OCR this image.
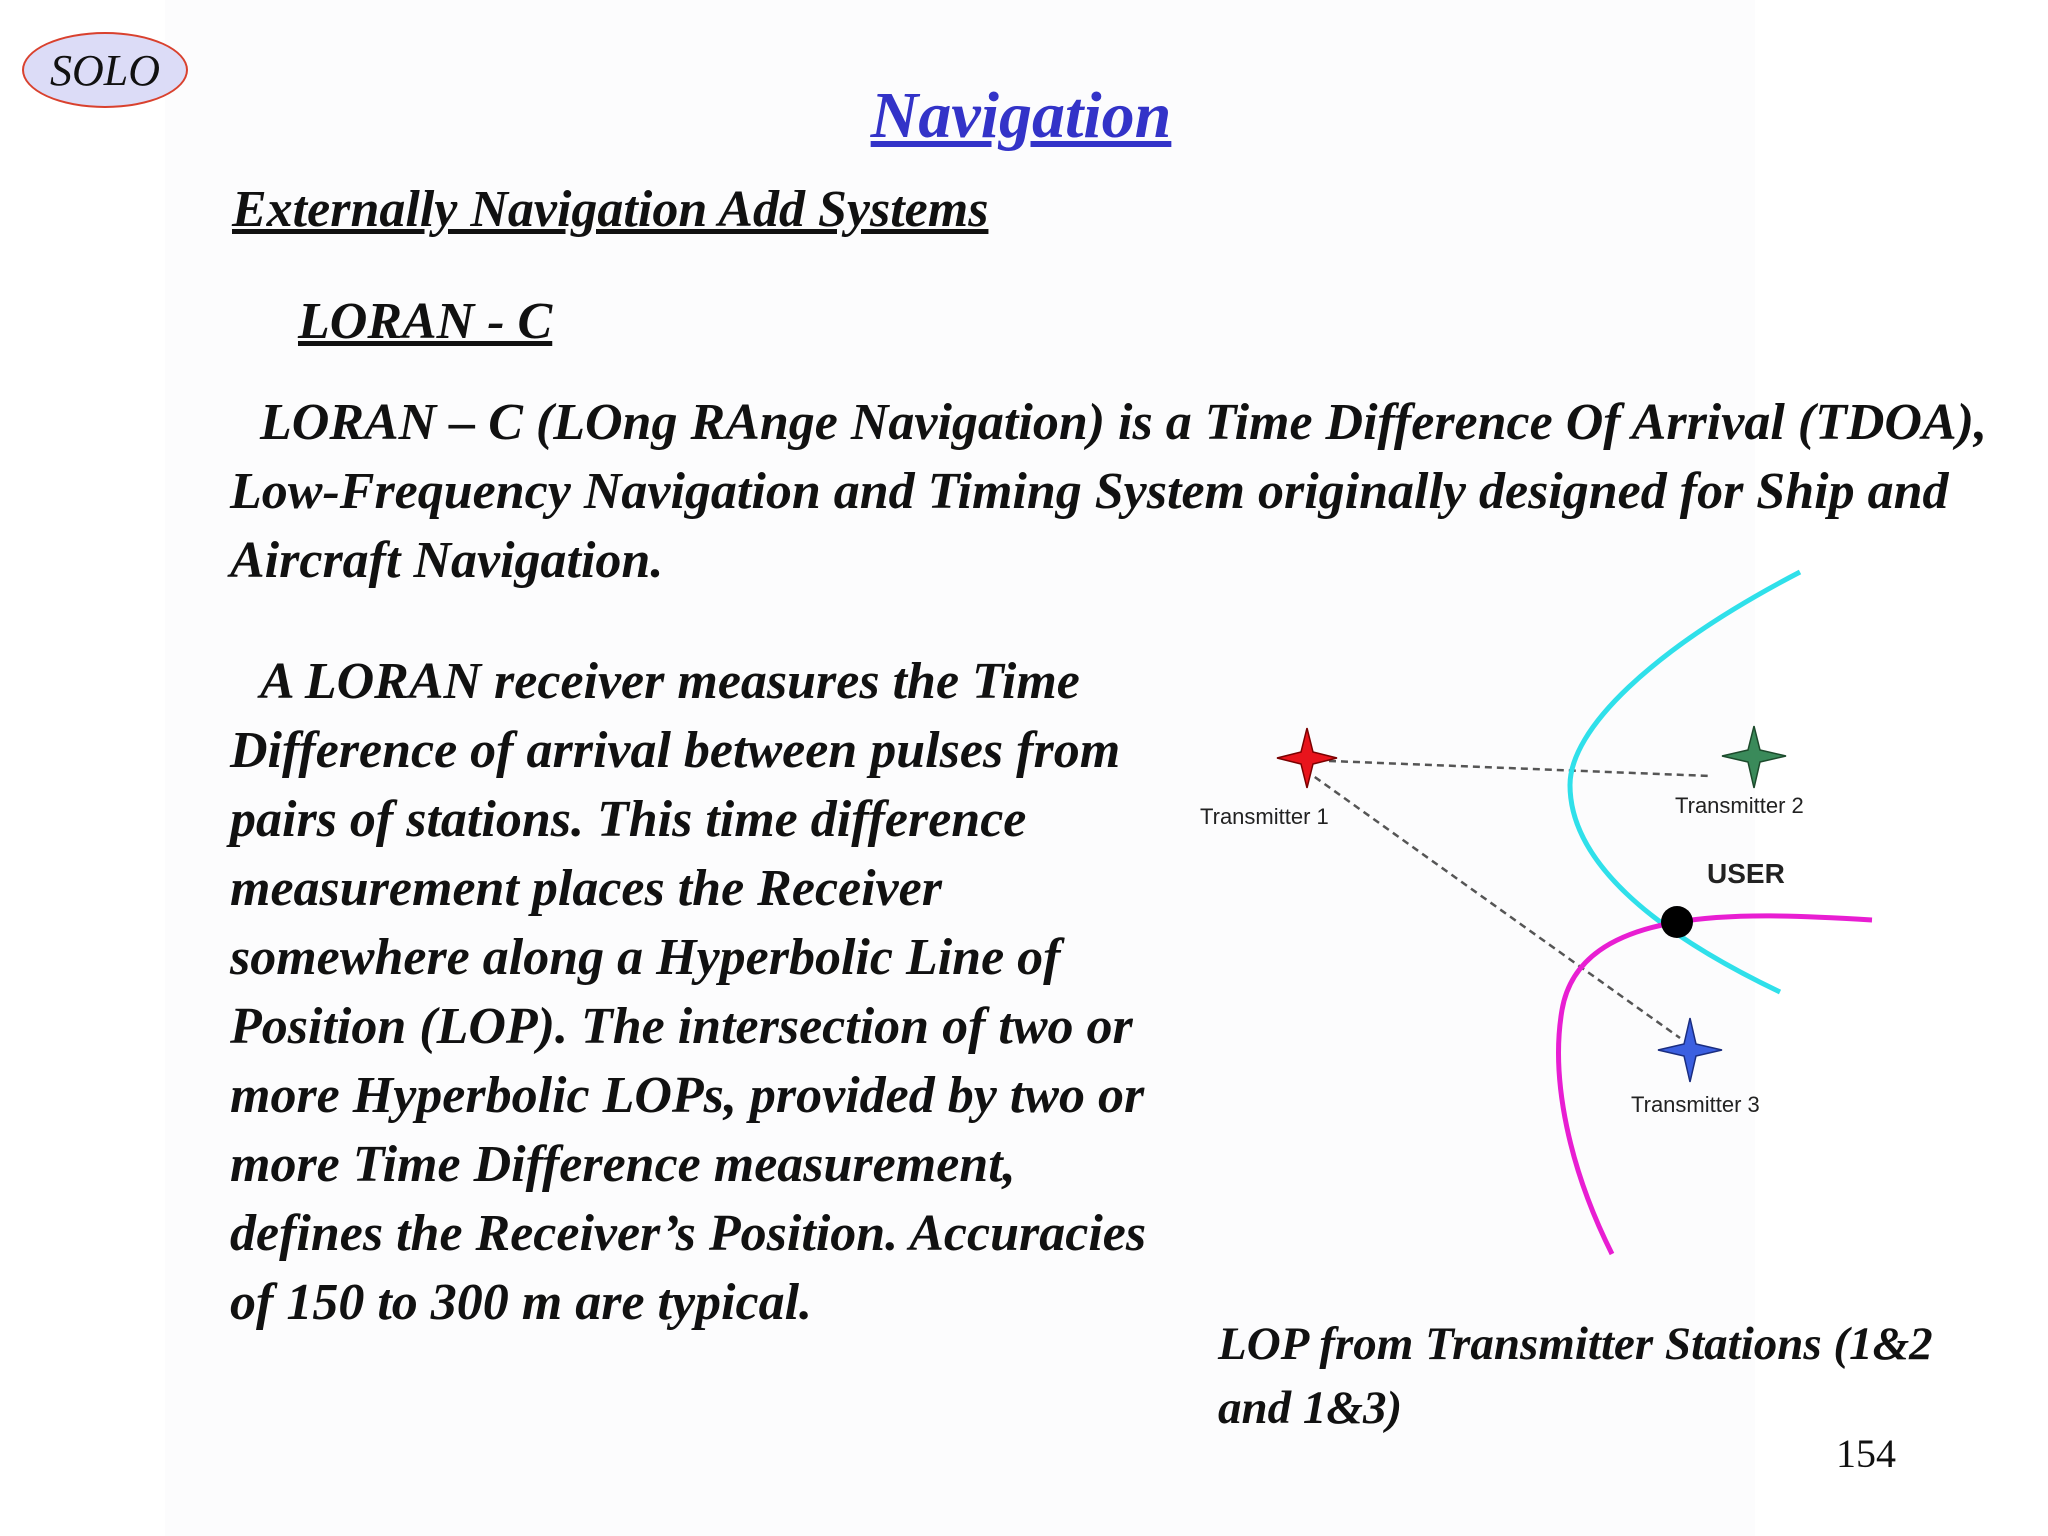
SOLO
Navigation
Externally Navigation Add Systems
LORAN - C

LORAN – C (LOng RAnge Navigation) is a Time Difference Of Arrival (TDOA), Low-Frequency Navigation and Timing System originally designed for Ship and Aircraft Navigation.

A LORAN receiver measures the Time Difference of arrival between pulses from pairs of stations. This time difference measurement places the Receiver somewhere along a Hyperbolic Line of Position (LOP). The intersection of two or more Hyperbolic LOPs, provided by two or more Time Difference measurement, defines the Receiver’s Position. Accuracies of 150 to 300 m are typical.

Transmitter 1	Transmitter 2
Transmitter 3
USER
LOP from Transmitter Stations (1&2 and 1&3)
154
